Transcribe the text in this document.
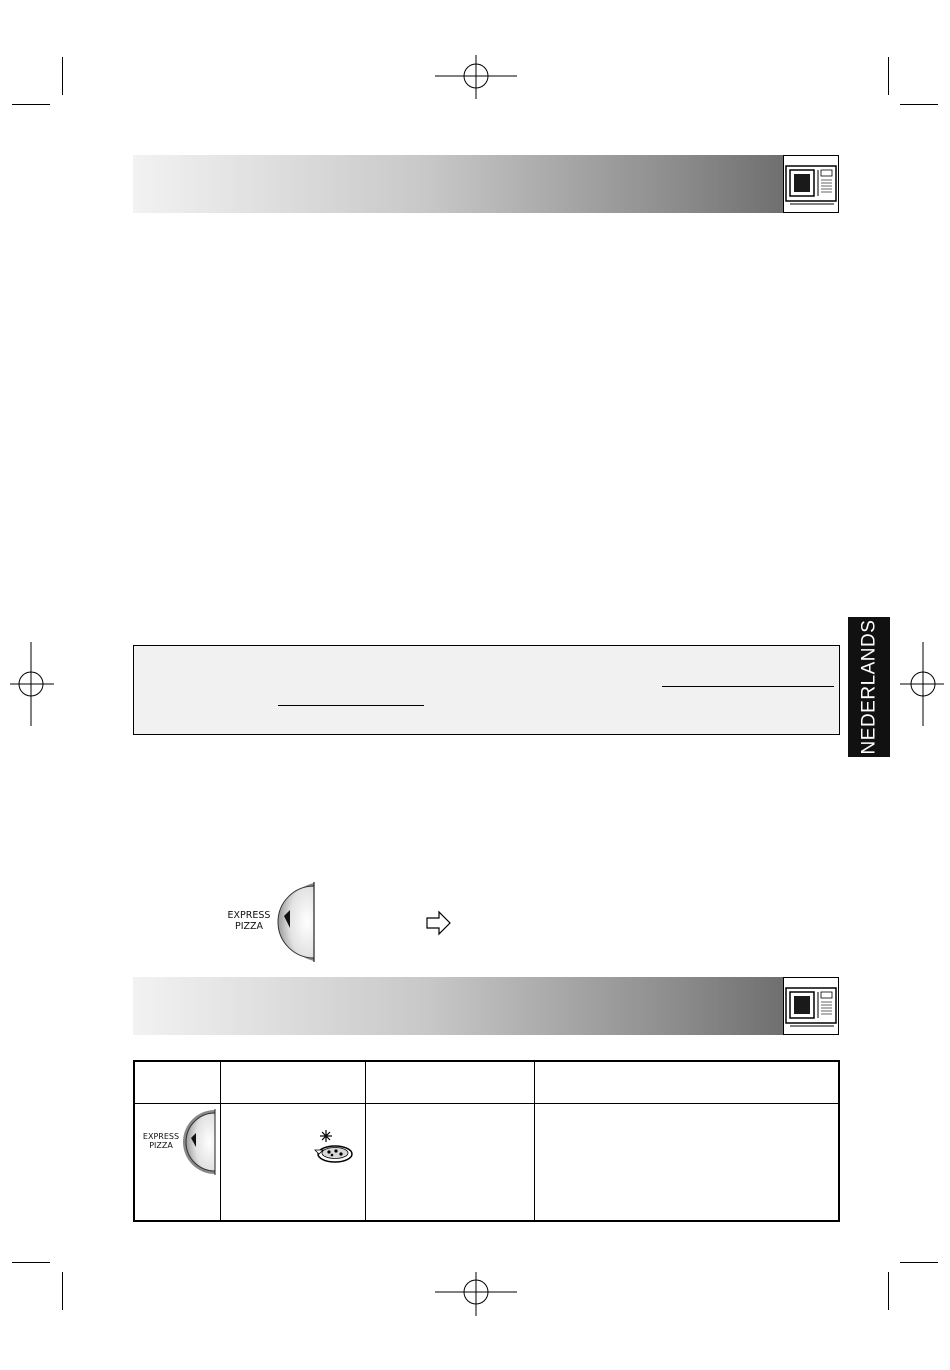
NEDERLANDS
EXPRESS
PIZZA

EXPRESS
PIZZA
